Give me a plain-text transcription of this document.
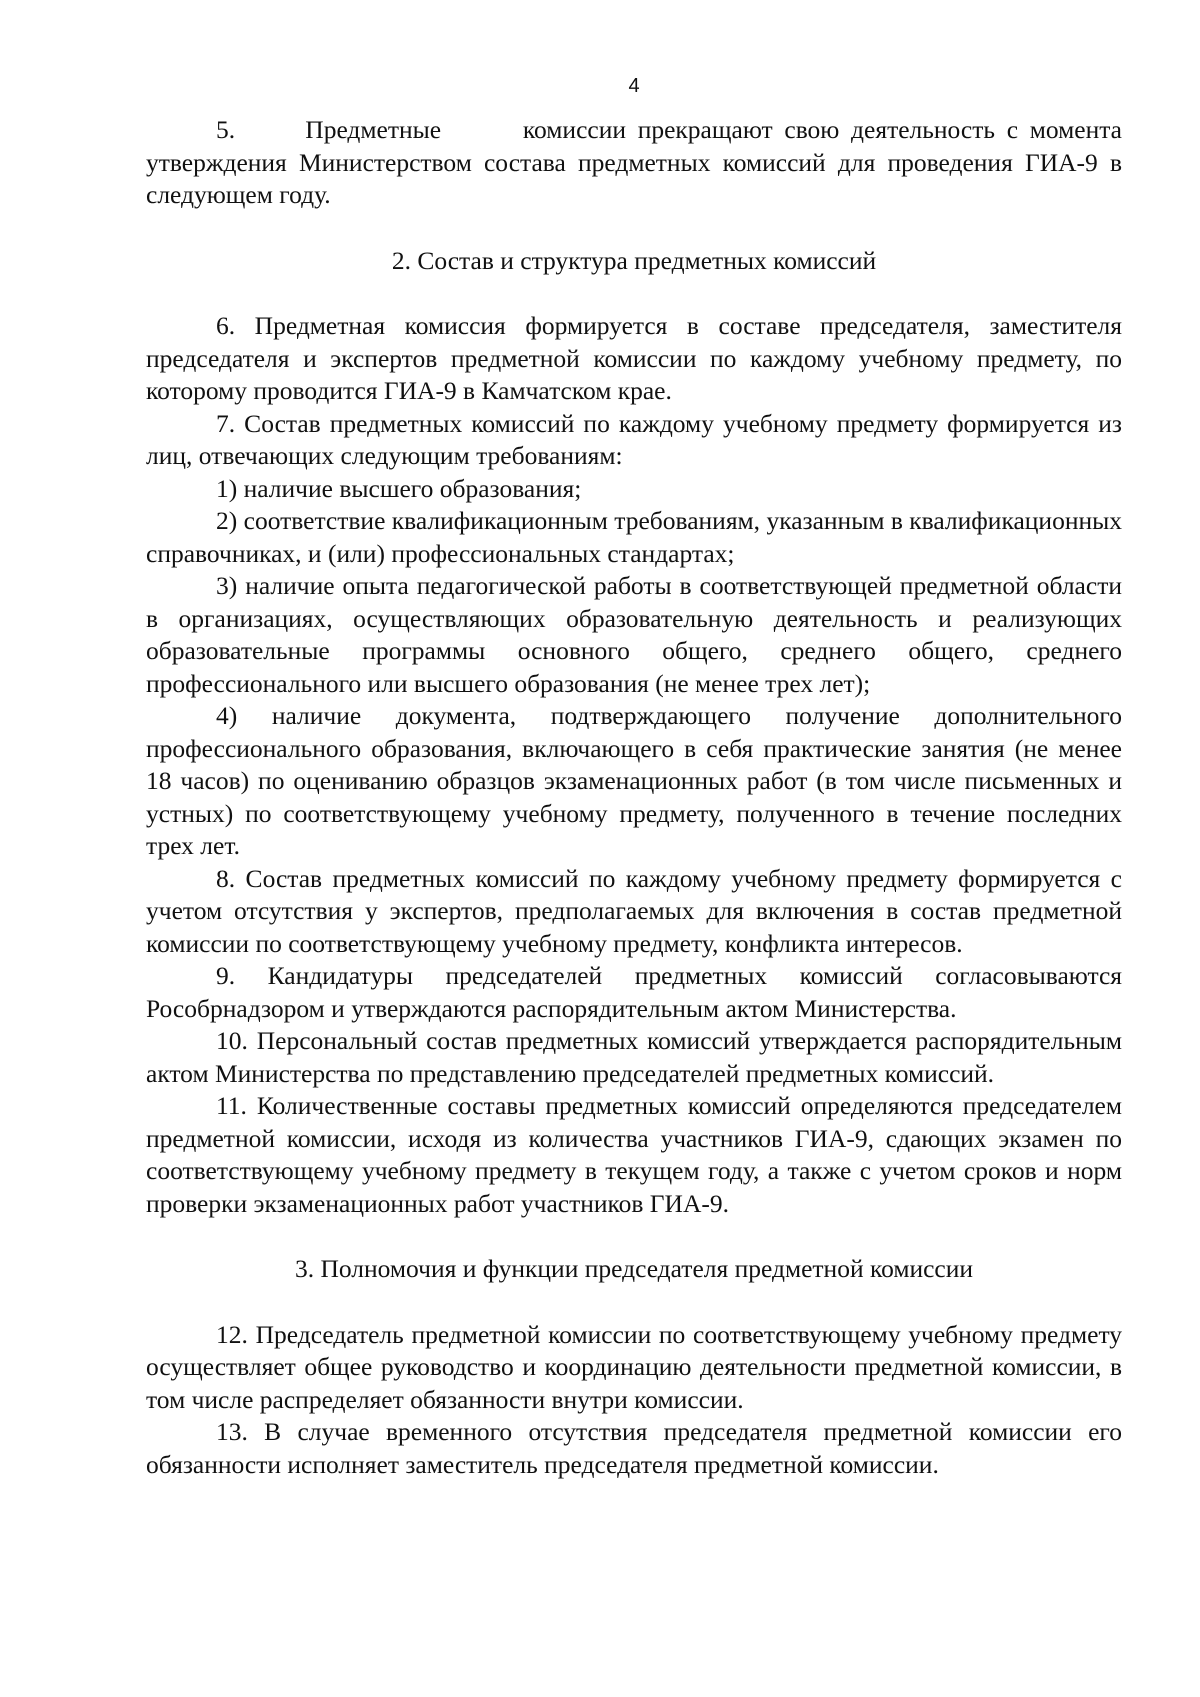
4

5.      Предметные       комиссии прекращают свою деятельность с момента утверждения Министерством состава предметных комиссий для проведения ГИА-9 в следующем году.

2. Состав и структура предметных комиссий

6. Предметная комиссия формируется в составе председателя, заместителя председателя и экспертов предметной комиссии по каждому учебному предмету, по которому проводится ГИА-9 в Камчатском крае.

7. Состав предметных комиссий по каждому учебному предмету формируется из лиц, отвечающих следующим требованиям:

1) наличие высшего образования;

2) соответствие квалификационным требованиям, указанным в квалификационных справочниках, и (или) профессиональных стандартах;

3) наличие опыта педагогической работы в соответствующей предметной области в организациях, осуществляющих образовательную деятельность и реализующих образовательные программы основного общего, среднего общего, среднего профессионального или высшего образования (не менее трех лет);

4) наличие документа, подтверждающего получение дополнительного профессионального образования, включающего в себя практические занятия (не менее 18 часов) по оцениванию образцов экзаменационных работ (в том числе письменных и устных) по соответствующему учебному предмету, полученного в течение последних трех лет.

8. Состав предметных комиссий по каждому учебному предмету формируется с учетом отсутствия у экспертов, предполагаемых для включения в состав предметной комиссии по соответствующему учебному предмету, конфликта интересов.

9. Кандидатуры председателей предметных комиссий согласовываются Рособрнадзором и утверждаются распорядительным актом Министерства.

10. Персональный состав предметных комиссий утверждается распорядительным актом Министерства по представлению председателей предметных комиссий.

11. Количественные составы предметных комиссий определяются председателем предметной комиссии, исходя из количества участников ГИА-9, сдающих экзамен по соответствующему учебному предмету в текущем году, а также с учетом сроков и норм проверки экзаменационных работ участников ГИА-9.

3. Полномочия и функции председателя предметной комиссии

12. Председатель предметной комиссии по соответствующему учебному предмету осуществляет общее руководство и координацию деятельности предметной комиссии, в том числе распределяет обязанности внутри комиссии.

13. В случае временного отсутствия председателя предметной комиссии его обязанности исполняет заместитель председателя предметной комиссии.
